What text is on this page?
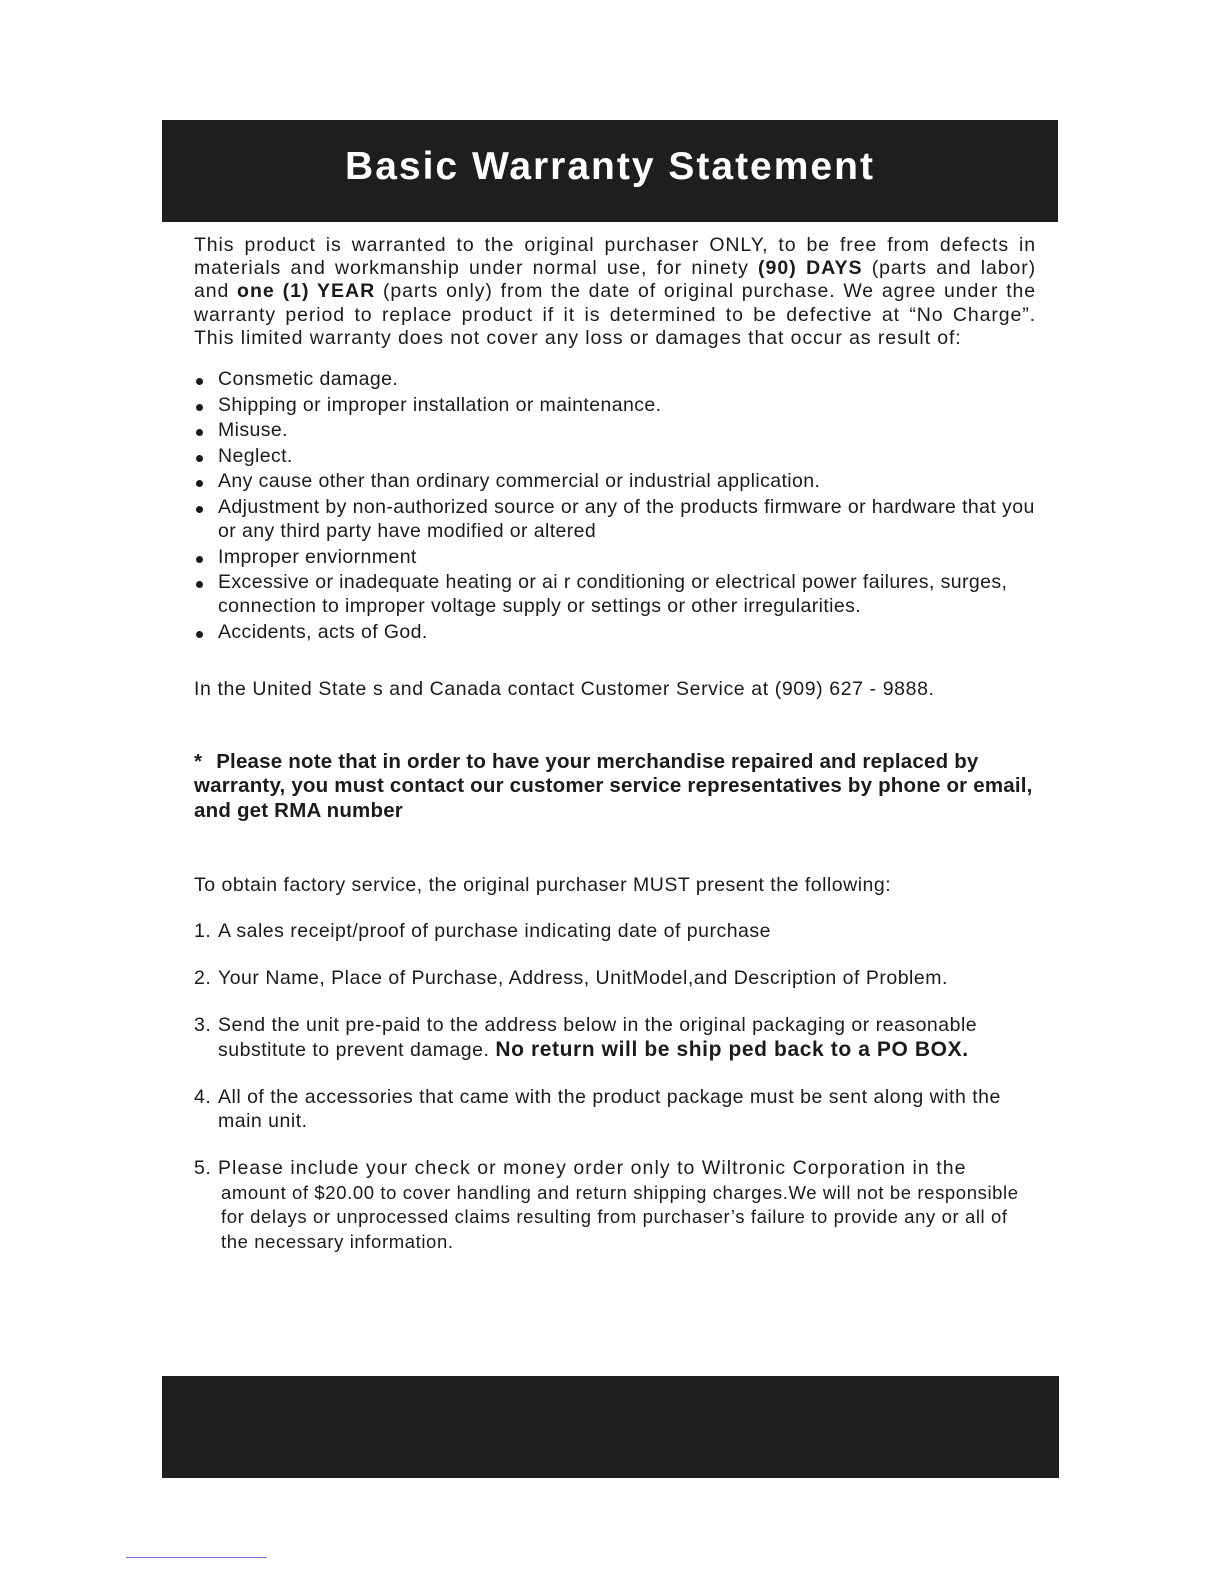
Basic Warranty Statement

This product is warranted to the original purchaser ONLY, to be free from defects in materials and workmanship under normal use, for ninety (90) DAYS (parts and labor) and one (1) YEAR (parts only) from the date of original purchase. We agree under the warranty period to replace product if it is determined to be defective at “No Charge”. This limited warranty does not cover any loss or damages that occur as result of:

Consmetic damage.
Shipping or improper installation or maintenance.
Misuse.
Neglect.
Any cause other than ordinary commercial or industrial application.
Adjustment by non-authorized source or any of the products firmware or hardware that you or any third party have modified or altered
Improper enviornment
Excessive or inadequate heating or ai r conditioning or electrical power failures, surges, connection to improper voltage supply or settings or other irregularities.
Accidents, acts of God.

In the United State s and Canada contact Customer Service at (909) 627 - 9888.

* Please note that in order to have your merchandise repaired and replaced by warranty, you must contact our customer service representatives by phone or email, and get RMA number

To obtain factory service, the original purchaser MUST present the following:

1. A sales receipt/proof of purchase indicating date of purchase
2. Your Name, Place of Purchase, Address, UnitModel,and Description of Problem.
3. Send the unit pre-paid to the address below in the original packaging or reasonable substitute to prevent damage. No return will be ship ped back to a PO BOX.
4. All of the accessories that came with the product package must be sent along with the main unit.
5. Please include your check or money order only to Wiltronic Corporation in the
amount of $20.00 to cover handling and return shipping charges.We will not be responsible for delays or unprocessed claims resulting from purchaser’s failure to provide any or all of the necessary information.
